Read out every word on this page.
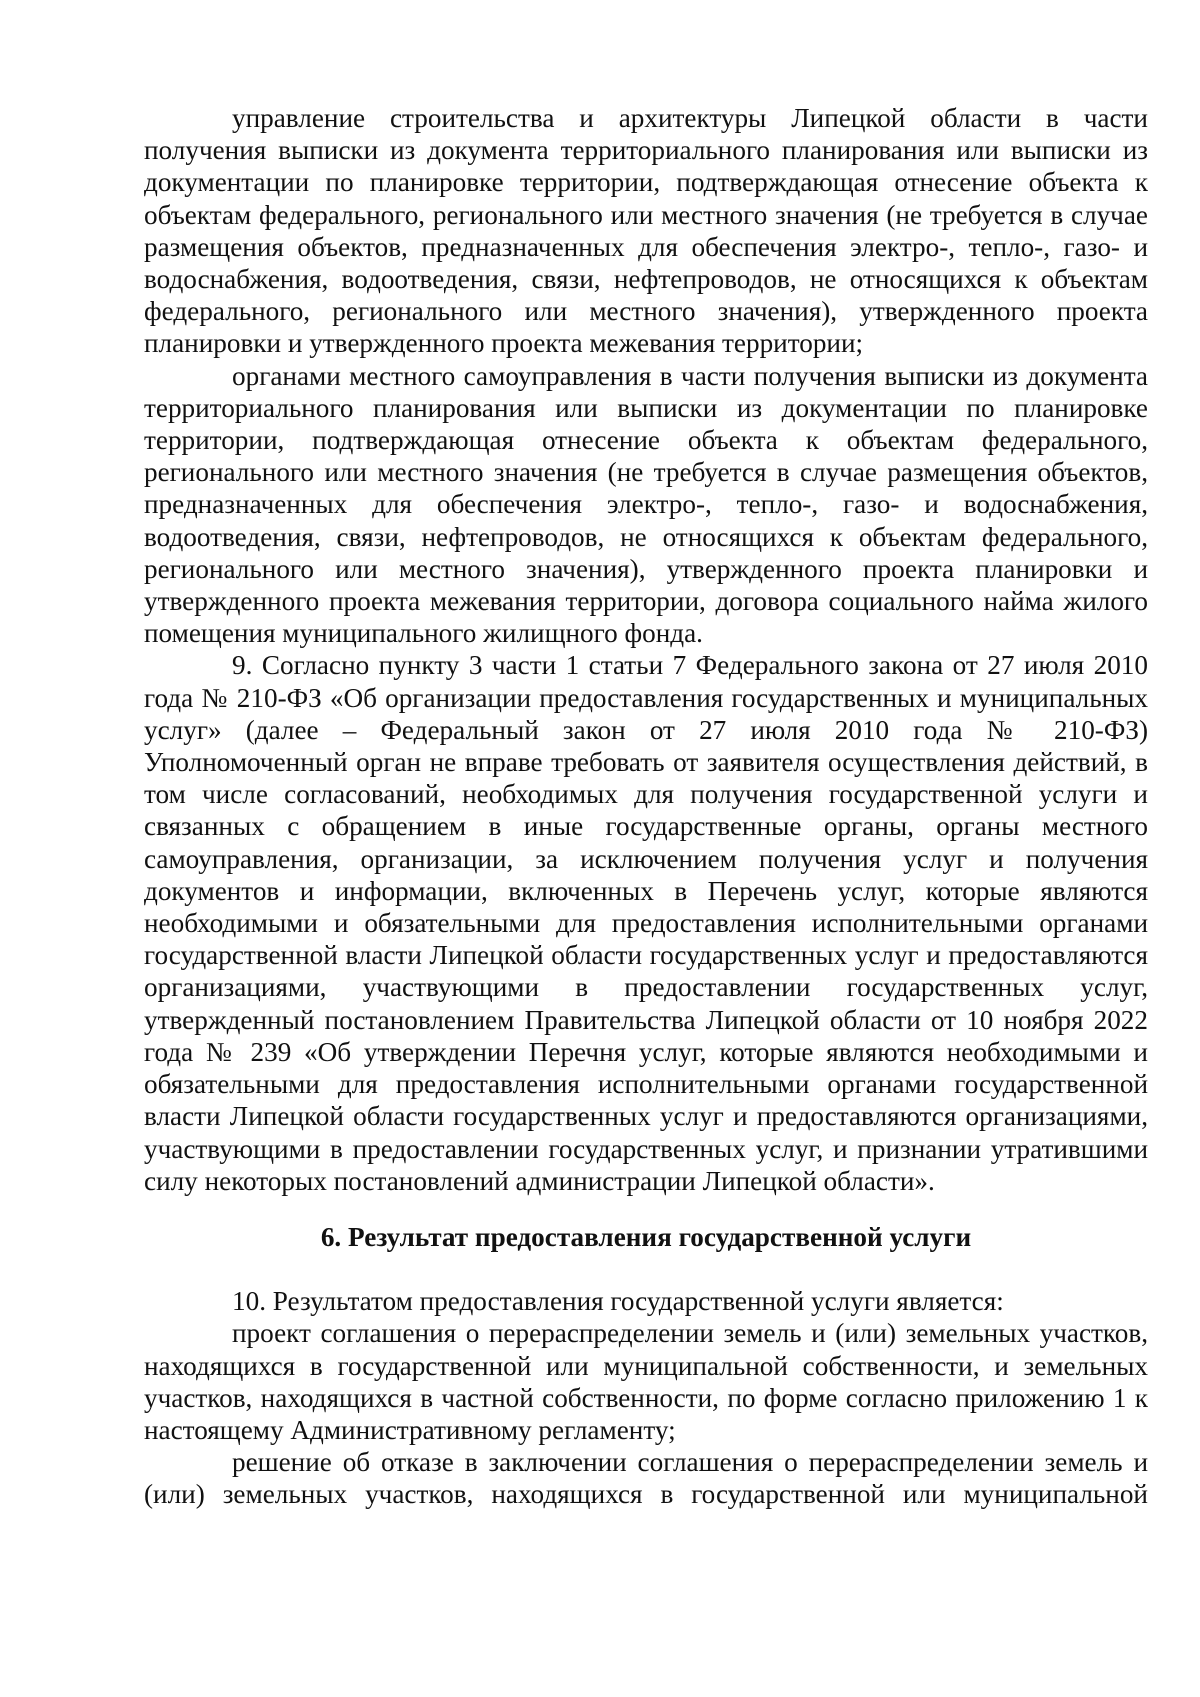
управление строительства и архитектуры Липецкой области в части получения выписки из документа территориального планирования или выписки из документации по планировке территории, подтверждающая отнесение объекта к объектам федерального, регионального или местного значения (не требуется в случае размещения объектов, предназначенных для обеспечения электро-, тепло-, газо- и водоснабжения, водоотведения, связи, нефтепроводов, не относящихся к объектам федерального, регионального или местного значения), утвержденного проекта планировки и утвержденного проекта межевания территории;

органами местного самоуправления в части получения выписки из документа территориального планирования или выписки из документации по планировке территории, подтверждающая отнесение объекта к объектам федерального, регионального или местного значения (не требуется в случае размещения объектов, предназначенных для обеспечения электро-, тепло-, газо- и водоснабжения, водоотведения, связи, нефтепроводов, не относящихся к объектам федерального, регионального или местного значения), утвержденного проекта планировки и утвержденного проекта межевания территории, договора социального найма жилого помещения муниципального жилищного фонда.

9. Согласно пункту 3 части 1 статьи 7 Федерального закона от 27 июля 2010 года № 210-ФЗ «Об организации предоставления государственных и муниципальных услуг» (далее – Федеральный закон от 27 июля 2010 года № 210-ФЗ) Уполномоченный орган не вправе требовать от заявителя осуществления действий, в том числе согласований, необходимых для получения государственной услуги и связанных с обращением в иные государственные органы, органы местного самоуправления, организации, за исключением получения услуг и получения документов и информации, включенных в Перечень услуг, которые являются необходимыми и обязательными для предоставления исполнительными органами государственной власти Липецкой области государственных услуг и предоставляются организациями, участвующими в предоставлении государственных услуг, утвержденный постановлением Правительства Липецкой области от 10 ноября 2022 года № 239 «Об утверждении Перечня услуг, которые являются необходимыми и обязательными для предоставления исполнительными органами государственной власти Липецкой области государственных услуг и предоставляются организациями, участвующими в предоставлении государственных услуг, и признании утратившими силу некоторых постановлений администрации Липецкой области».

6. Результат предоставления государственной услуги

10. Результатом предоставления государственной услуги является:

проект соглашения о перераспределении земель и (или) земельных участков, находящихся в государственной или муниципальной собственности, и земельных участков, находящихся в частной собственности, по форме согласно приложению 1 к настоящему Административному регламенту;

решение об отказе в заключении соглашения о перераспределении земель и (или) земельных участков, находящихся в государственной или муниципальной
